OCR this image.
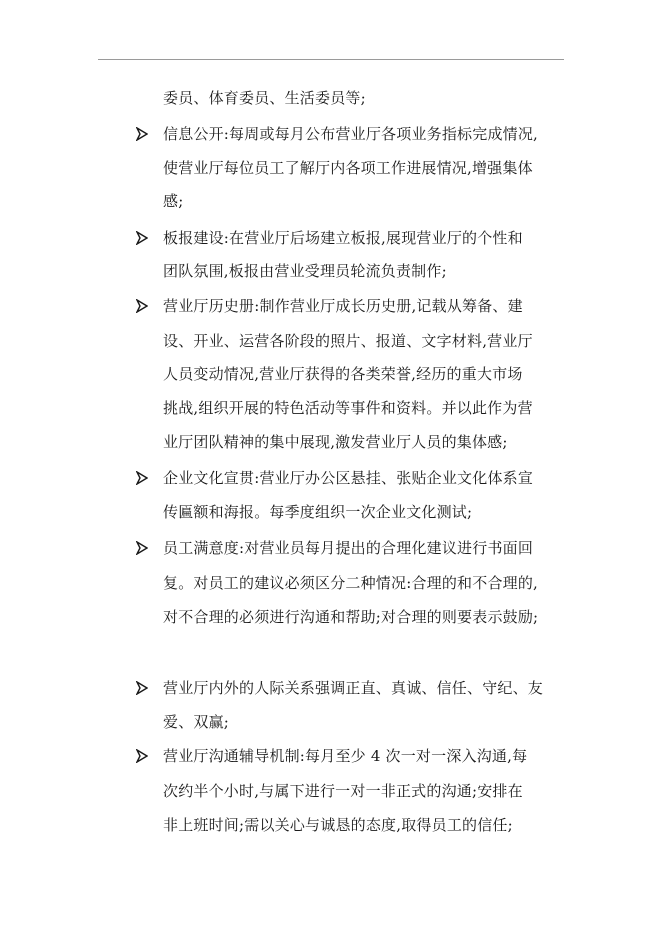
委员、体育委员、生活委员等;
信息公开:每周或每月公布营业厅各项业务指标完成情况,
使营业厅每位员工了解厅内各项工作进展情况,增强集体
感;
板报建设:在营业厅后场建立板报,展现营业厅的个性和
团队氛围,板报由营业受理员轮流负责制作;
营业厅历史册:制作营业厅成长历史册,记载从筹备、建
设、开业、运营各阶段的照片、报道、文字材料,营业厅
人员变动情况,营业厅获得的各类荣誉,经历的重大市场
挑战,组织开展的特色活动等事件和资料。并以此作为营
业厅团队精神的集中展现,激发营业厅人员的集体感;
企业文化宣贯:营业厅办公区悬挂、张贴企业文化体系宣
传匾额和海报。每季度组织一次企业文化测试;
员工满意度:对营业员每月提出的合理化建议进行书面回
复。对员工的建议必须区分二种情况:合理的和不合理的,
对不合理的必须进行沟通和帮助;对合理的则要表示鼓励;
营业厅内外的人际关系强调正直、真诚、信任、守纪、友
爱、双赢;
营业厅沟通辅导机制:每月至少 4 次一对一深入沟通,每
次约半个小时,与属下进行一对一非正式的沟通;安排在
非上班时间;需以关心与诚恳的态度,取得员工的信任;
